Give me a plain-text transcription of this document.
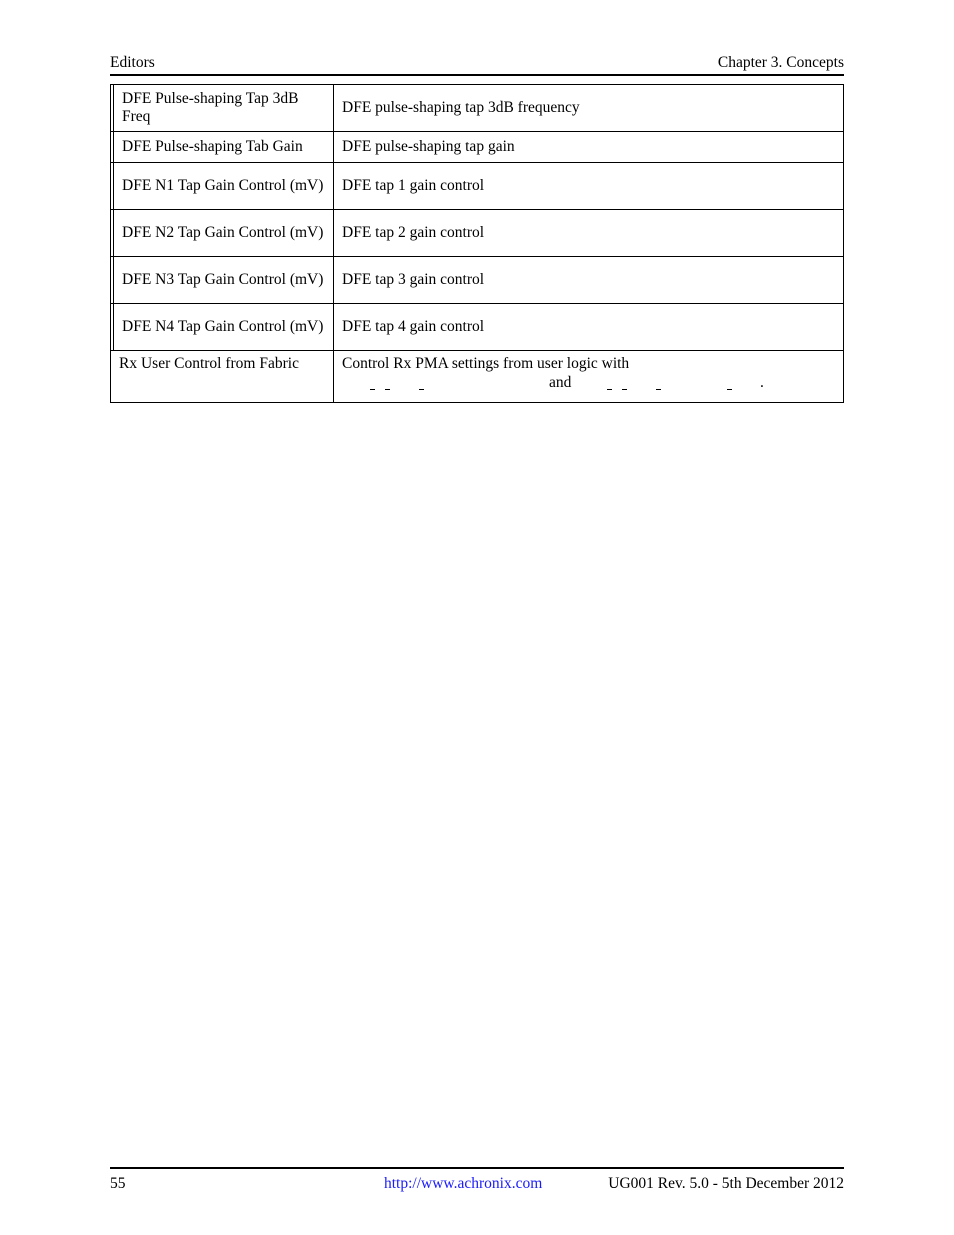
Editors	Chapter 3. Concepts
	DFE Pulse-shaping Tap 3dB Freq	DFE pulse-shaping tap 3dB frequency
	DFE Pulse-shaping Tab Gain	DFE pulse-shaping tap gain
	DFE N1 Tap Gain Control (mV)	DFE tap 1 gain control
	DFE N2 Tap Gain Control (mV)	DFE tap 2 gain control
	DFE N3 Tap Gain Control (mV)	DFE tap 3 gain control
	DFE N4 Tap Gain Control (mV)	DFE tap 4 gain control
Rx User Control from Fabric		Control Rx PMA settings from user logic with
and .
55	http://www.achronix.com	UG001 Rev. 5.0 - 5th December 2012
